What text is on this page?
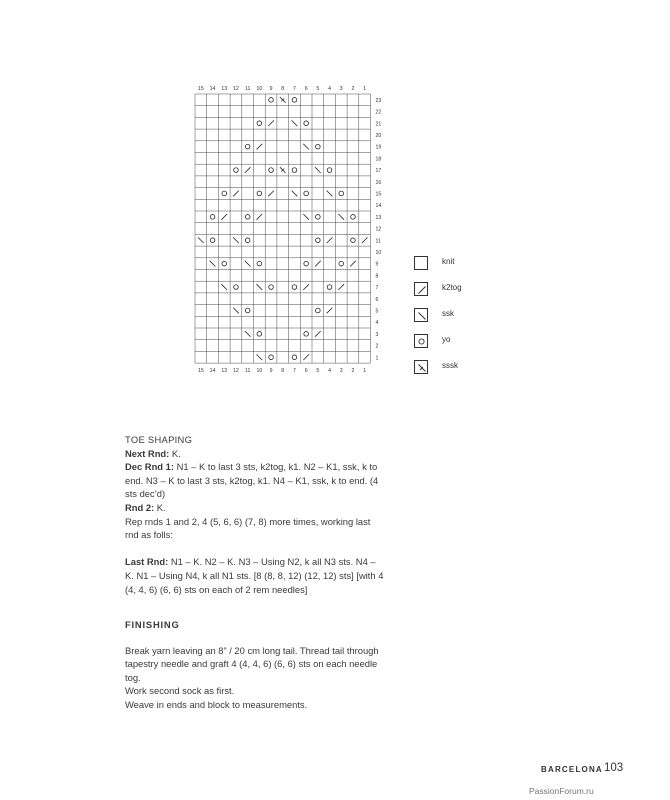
15
15
14
14
13
13
12
12
11
11
10
10
9
9
8
8
7
7
6
6
5
5
4
4
3
3
2
2
1
1
1
2
3
4
5
6
7
8
9
10
11
12
13
14
15
16
17
18
19
20
21
22
23
knit
k2tog
ssk
yo
sssk

TOE SHAPING

Next Rnd: K.

Dec Rnd 1: N1 – K to last 3 sts, k2tog, k1. N2 – K1, ssk, k to end. N3 – K to last 3 sts, k2tog, k1. N4 – K1, ssk, k to end. (4 sts dec’d)

Rnd 2: K.

Rep rnds 1 and 2, 4 (5, 6, 6) (7, 8) more times, working last rnd as folls:

Last Rnd: N1 – K. N2 – K. N3 – Using N2, k all N3 sts. N4 – K. N1 – Using N4, k all N1 sts. [8 (8, 8, 12) (12, 12) sts] [with 4 (4, 4, 6) (6, 6) sts on each of 2 rem needles]

FINISHING

Break yarn leaving an 8” / 20 cm long tail. Thread tail through tapestry needle and graft 4 (4, 4, 6) (6, 6) sts on each needle tog.

Work second sock as first.

Weave in ends and block to measurements.

BARCELONA 103
PassionForum.ru
